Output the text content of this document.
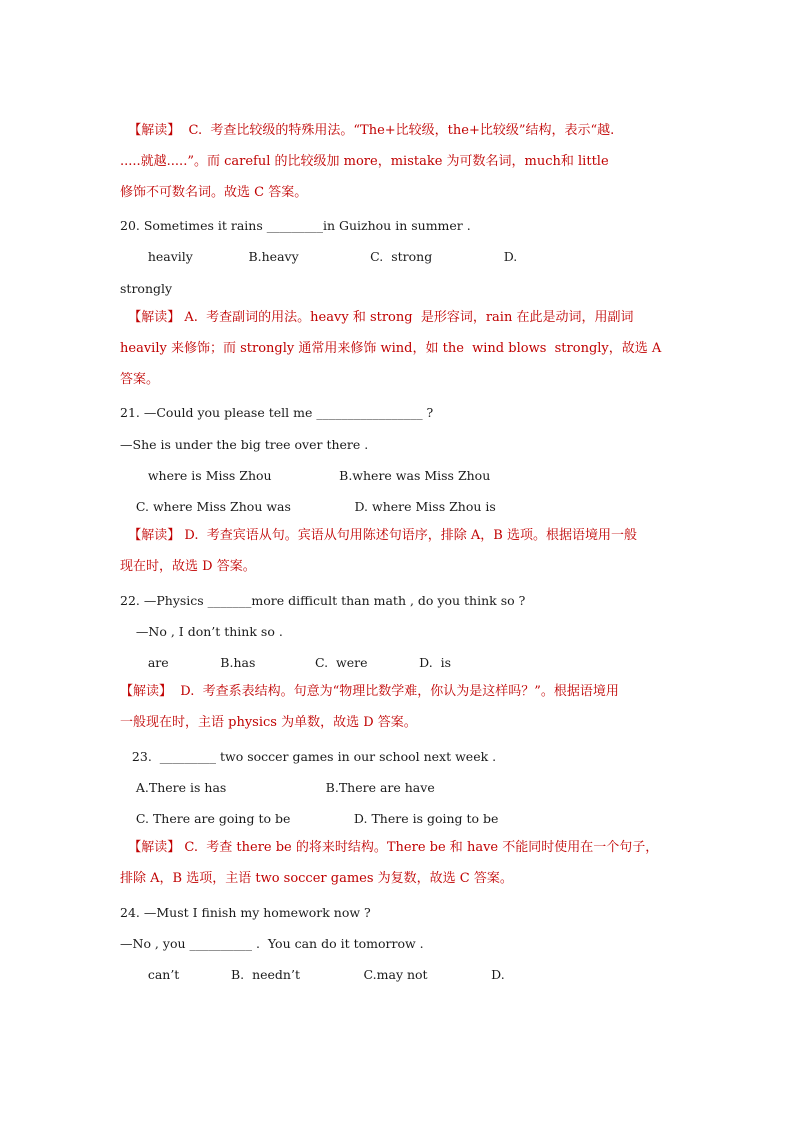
【解读】  C.  考查比较级的特殊用法。“The+比较级，the+比较级”结构，表示“越.
.....就越.....”。而 careful 的比较级加 more，mistake 为可数名词，much和 little
修饰不可数名词。故选 C 答案。
20. Sometimes it rains _________in Guizhou in summer .
heavily              B.heavy                  C.  strong                  D.
strongly
【解读】 A.  考查副词的用法。heavy 和 strong  是形容词，rain 在此是动词，用副词
heavily 来修饰；而 strongly 通常用来修饰 wind，如 the  wind blows  strongly，故选 A
答案。
21. —Could you please tell me _________________ ?
—She is under the big tree over there .
where is Miss Zhou                 B.where was Miss Zhou
C. where Miss Zhou was                D. where Miss Zhou is
【解读】 D.  考查宾语从句。宾语从句用陈述句语序，排除 A，B 选项。根据语境用一般
现在时，故选 D 答案。
22. —Physics _______more difficult than math , do you think so ?
—No , I don’t think so .
are             B.has               C.  were             D.  is
【解读】  D.  考查系表结构。句意为“物理比数学难，你认为是这样吗？”。根据语境用
一般现在时，主语 physics 为单数，故选 D 答案。
23.  _________ two soccer games in our school next week .
A.There is has                         B.There are have
C. There are going to be                D. There is going to be
【解读】 C.  考查 there be 的将来时结构。There be 和 have 不能同时使用在一个句子，
排除 A，B 选项，主语 two soccer games 为复数，故选 C 答案。
24. —Must I finish my homework now ?
—No , you __________ .  You can do it tomorrow .
can’t             B.  needn’t                C.may not                D.
